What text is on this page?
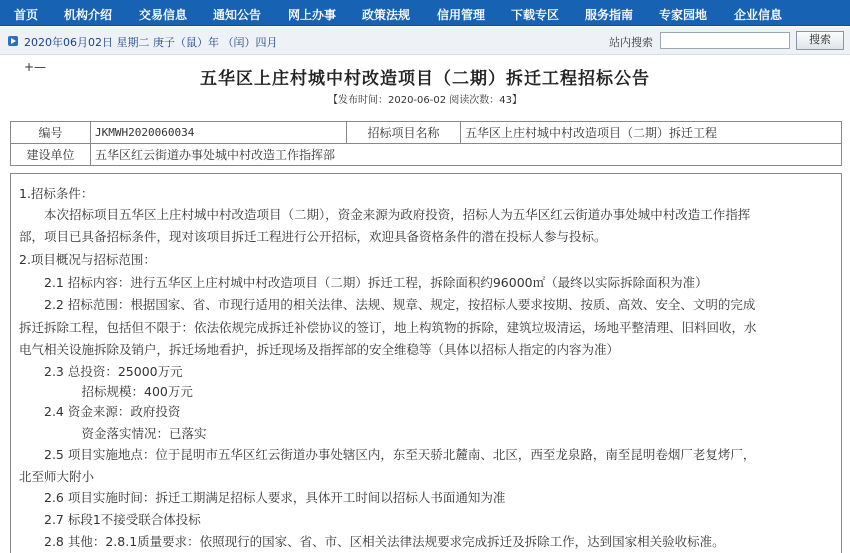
首页 机构介绍 交易信息 通知公告 网上办事 政策法规 信用管理 下载专区 服务指南 专家园地 企业信息
2020年06月02日 星期二 庚子（鼠）年 （闰）四月	站内搜索	搜索
+—
五华区上庄村城中村改造项目（二期）拆迁工程招标公告
【发布时间：2020-06-02 阅读次数：43】
编号	JKMWH2020060034	招标项目名称	五华区上庄村城中村改造项目（二期）拆迁工程
建设单位	五华区红云街道办事处城中村改造工作指挥部		
1.招标条件：
　　本次招标项目五华区上庄村城中村改造项目（二期），资金来源为政府投资，招标人为五华区红云街道办事处城中村改造工作指挥
部，项目已具备招标条件，现对该项目拆迁工程进行公开招标，欢迎具备资格条件的潜在投标人参与投标。
2.项目概况与招标范围：
　　2.1 招标内容：进行五华区上庄村城中村改造项目（二期）拆迁工程，拆除面积约96000㎡（最终以实际拆除面积为准）
　　2.2 招标范围：根据国家、省、市现行适用的相关法律、法规、规章、规定，按招标人要求按期、按质、高效、安全、文明的完成
拆迁拆除工程，包括但不限于：依法依规完成拆迁补偿协议的签订，地上构筑物的拆除，建筑垃圾清运，场地平整清理、旧料回收，水
电气相关设施拆除及销户，拆迁场地看护，拆迁现场及指挥部的安全维稳等（具体以招标人指定的内容为准）
　　2.3 总投资：25000万元
　　　　　招标规模：400万元
　　2.4 资金来源：政府投资
　　　　　资金落实情况：已落实
　　2.5 项目实施地点：位于昆明市五华区红云街道办事处辖区内，东至天骄北麓南、北区，西至龙泉路，南至昆明卷烟厂老复烤厂，
北至师大附小
　　2.6 项目实施时间：拆迁工期满足招标人要求，具体开工时间以招标人书面通知为准
　　2.7 标段1不接受联合体投标
　　2.8 其他：2.8.1质量要求：依照现行的国家、省、市、区相关法律法规要求完成拆迁及拆除工作，达到国家相关验收标准。
